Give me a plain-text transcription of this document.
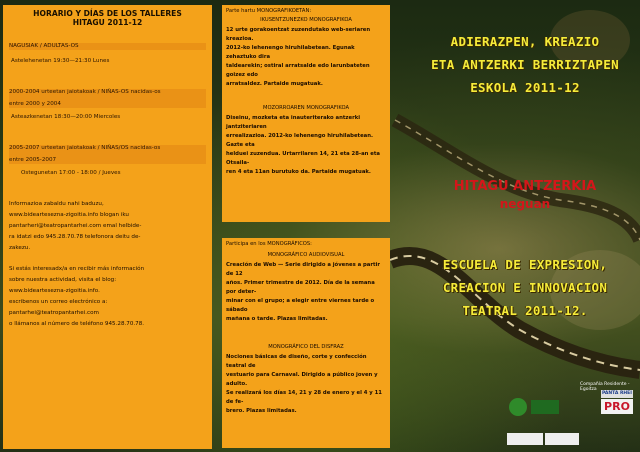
HORARIO Y DÍAS DE LOS TALLERES
HITAGU 2011-12
NAGUSIAK / ADULTAS-OS
Astelehenetan 19:30—21:30 Lunes
2000-2004 urteetan jaiotakoak / NIÑAS-OS nacidas-os
entre 2000 y 2004
Asteazkenetan 18:30—20:00 Miercoles
2005-2007 urteetan jaiotakoak / NIÑAS/OS nacidas-os
entre 2005-2007
Ostegunetan 17:00 - 18:00 / Jueves
Informazioa zabaldu nahi baduzu,
www.bideartesezna-zigoitia.info blogan iku
pantarheri@teatropantarhei.com emal helbide-
ra idatzi edo 945.28.70.78 telefonora deitu de-
zakezu.
Si estás interesadx/a en recibir más información
sobre nuestra actividad, visita el blog:
www.bideartesezna-zigoitia.info.
escribenos un correo electrónico a:
pantarhei@teatropantarhei.com
o llámanos al número de teléfono 945.28.70.78.
Parte hartu MONOGRAFIKOETAN:
IKUSENTZUNEZKO MONOGRAFIKOA
12 urte gorakoentzat zuzendutako web-seriaren kreazioa.
2012-ko lehenengo hiruhilabetean. Egunak zehaztuko dira
taldearekin; ostiral arratsalde edo larunbateten goizez edo
arratsaldez. Partaide mugatuak.
MOZORROAREN MONOGRAFIKOA
Diseinu, mozketa eta inauteriterako antzerki jantziteriaren
errealizazioa. 2012-ko lehenengo hiruhilabetean. Gazte eta
helduei zuzendua. Urtarrilaren 14, 21 eta 28-an eta Otsaila-
ren 4 eta 11an burutuko da. Partaide mugatuak.
Participa en los MONOGRÁFICOS:
MONOGRÁFICO AUDIOVISUAL
Creación de Web — Serie dirigido a jóvenes a partir de 12
años. Primer trimestre de 2012. Día de la semana por deter-
minar con el grupo; a elegir entre viernes tarde o sábado
mañana o tarde. Plazas limitadas.
MONOGRÁFICO DEL DISFRAZ
Nociones básicas de diseño, corte y confección teatral de
vestuario para Carnaval. Dirigido a público joven y adulto.
Se realizará los días 14, 21 y 28 de enero y el 4 y 11 de fe-
brero. Plazas limitadas.
ADIERAZPEN, KREAZIO
ETA ANTZERKI BERRIZTAPEN
ESKOLA 2011-12
HITAGU ANTZERKIA
neguan
ESCUELA DE EXPRESION,
CREACION E INNOVACION
TEATRAL 2011-12.
Compañía Residente - Egoitza
PANTA RHEI
PRO
